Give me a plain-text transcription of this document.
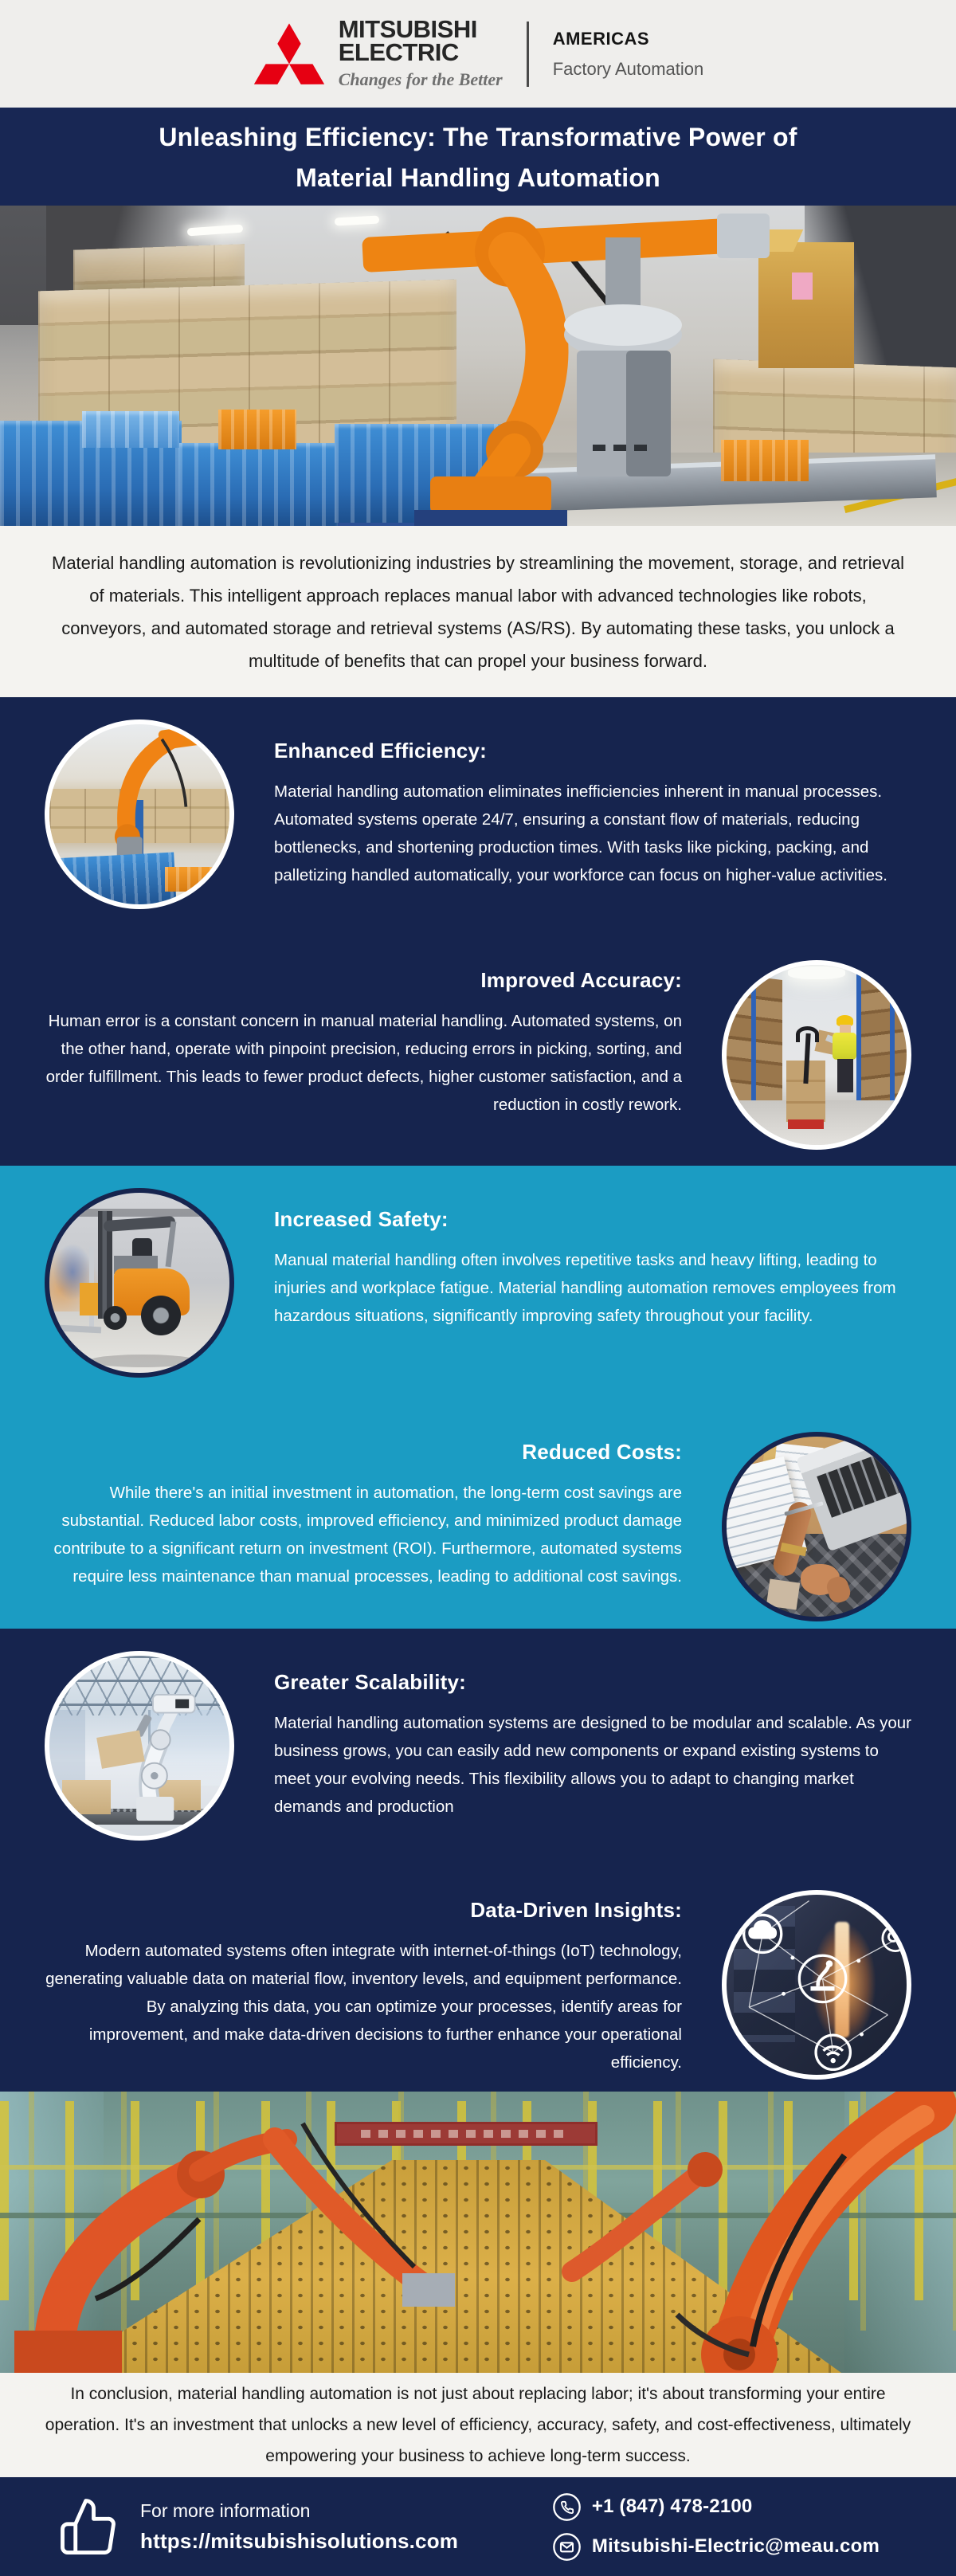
MITSUBISHI
ELECTRIC
Changes for the Better
AMERICAS
Factory Automation
Unleashing Efficiency: The Transformative Power of
Material Handling Automation

Material handling automation is revolutionizing industries by streamlining the movement, storage, and retrieval of materials. This intelligent approach replaces manual labor with advanced technologies like robots, conveyors, and automated storage and retrieval systems (AS/RS). By automating these tasks, you unlock a multitude of benefits that can propel your business forward.

Enhanced Efficiency:

Material handling automation eliminates inefficiencies inherent in manual processes. Automated systems operate 24/7, ensuring a constant flow of materials, reducing bottlenecks, and shortening production times. With tasks like picking, packing, and palletizing handled automatically, your workforce can focus on higher-value activities.

Improved Accuracy:

Human error is a constant concern in manual material handling. Automated systems, on the other hand, operate with pinpoint precision, reducing errors in picking, sorting, and order fulfillment. This leads to fewer product defects, higher customer satisfaction, and a reduction in costly rework.

Increased Safety:

Manual material handling often involves repetitive tasks and heavy lifting, leading to injuries and workplace fatigue. Material handling automation removes employees from hazardous situations, significantly improving safety throughout your facility.

Reduced Costs:

While there's an initial investment in automation, the long-term cost savings are substantial. Reduced labor costs, improved efficiency, and minimized product damage contribute to a significant return on investment (ROI). Furthermore, automated systems require less maintenance than manual processes, leading to additional cost savings.

Greater Scalability:

Material handling automation systems are designed to be modular and scalable. As your business grows, you can easily add new components or expand existing systems to meet your evolving needs. This flexibility allows you to adapt to changing market demands and production

Data-Driven Insights:

Modern automated systems often integrate with internet-of-things (IoT) technology, generating valuable data on material flow, inventory levels, and equipment performance. By analyzing this data, you can optimize your processes, identify areas for improvement, and make data-driven decisions to further enhance your operational efficiency.

In conclusion, material handling automation is not just about replacing labor; it's about transforming your entire operation. It's an investment that unlocks a new level of efficiency, accuracy, safety, and cost-effectiveness, ultimately empowering your business to achieve long-term success.

For more information
https://mitsubishisolutions.com
+1 (847) 478-2100
Mitsubishi-Electric@meau.com
